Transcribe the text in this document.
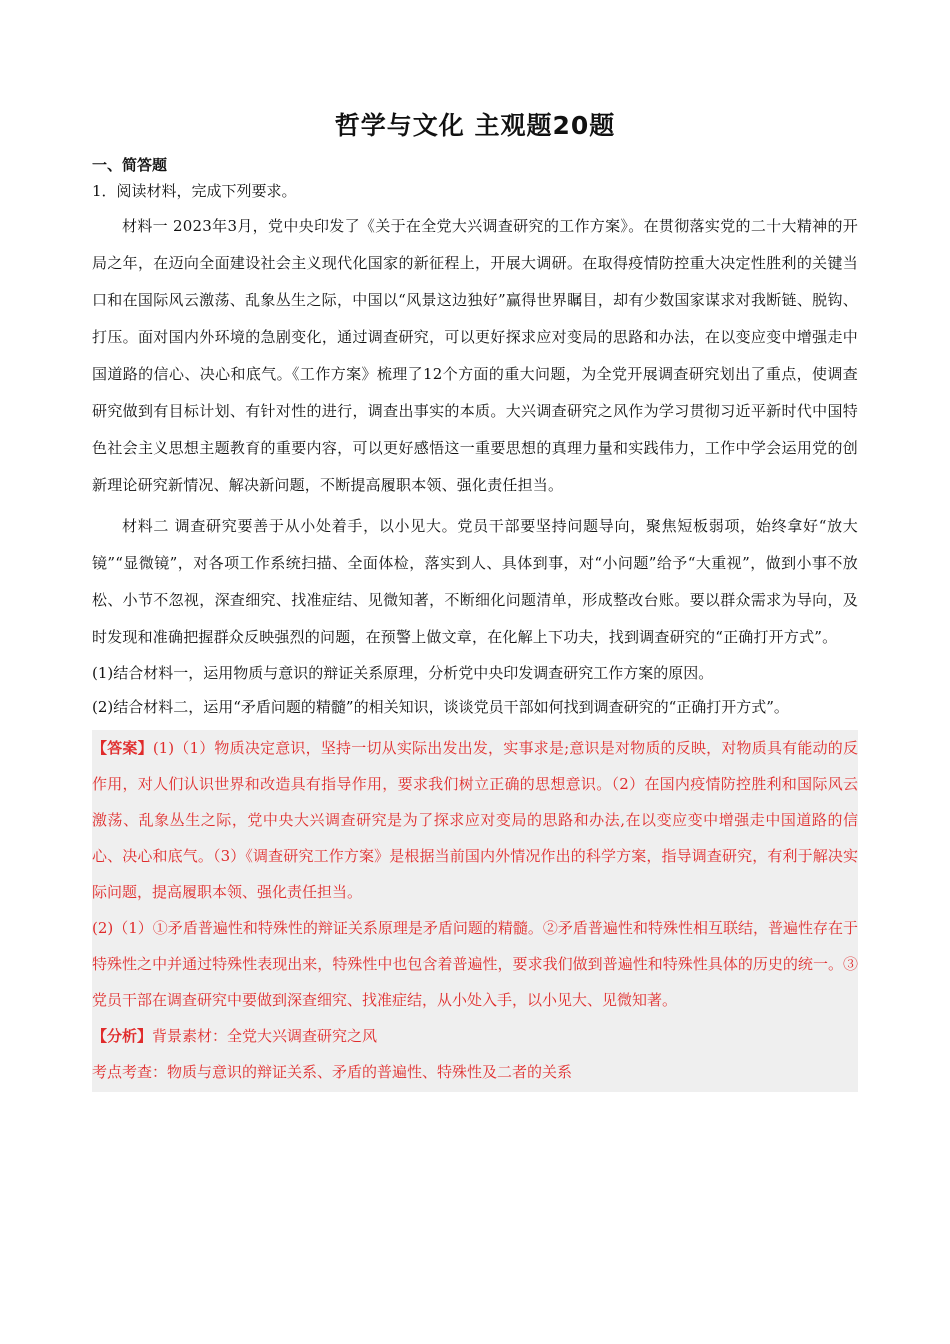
哲学与文化 主观题20题

一、简答题

1．阅读材料，完成下列要求。

材料一 2023年3月，党中央印发了《关于在全党大兴调查研究的工作方案》。在贯彻落实党的二十大精神的开局之年，在迈向全面建设社会主义现代化国家的新征程上，开展大调研。在取得疫情防控重大决定性胜利的关键当口和在国际风云激荡、乱象丛生之际，中国以“风景这边独好”赢得世界瞩目，却有少数国家谋求对我断链、脱钩、打压。面对国内外环境的急剧变化，通过调查研究，可以更好探求应对变局的思路和办法，在以变应变中增强走中国道路的信心、决心和底气。《工作方案》梳理了12个方面的重大问题，为全党开展调查研究划出了重点，使调查研究做到有目标计划、有针对性的进行，调查出事实的本质。大兴调查研究之风作为学习贯彻习近平新时代中国特色社会主义思想主题教育的重要内容，可以更好感悟这一重要思想的真理力量和实践伟力，工作中学会运用党的创新理论研究新情况、解决新问题，不断提高履职本领、强化责任担当。

材料二 调查研究要善于从小处着手，以小见大。党员干部要坚持问题导向，聚焦短板弱项，始终拿好“放大镜”“显微镜”，对各项工作系统扫描、全面体检，落实到人、具体到事，对“小问题”给予“大重视”，做到小事不放松、小节不忽视，深查细究、找准症结、见微知著，不断细化问题清单，形成整改台账。要以群众需求为导向，及时发现和准确把握群众反映强烈的问题，在预警上做文章，在化解上下功夫，找到调查研究的“正确打开方式”。

(1)结合材料一，运用物质与意识的辩证关系原理，分析党中央印发调查研究工作方案的原因。

(2)结合材料二，运用“矛盾问题的精髓”的相关知识，谈谈党员干部如何找到调查研究的“正确打开方式”。

【答案】(1)（1）物质决定意识，坚持一切从实际出发出发，实事求是;意识是对物质的反映，对物质具有能动的反作用，对人们认识世界和改造具有指导作用，要求我们树立正确的思想意识。（2）在国内疫情防控胜利和国际风云激荡、乱象丛生之际，党中央大兴调查研究是为了探求应对变局的思路和办法,在以变应变中增强走中国道路的信心、决心和底气。（3）《调查研究工作方案》是根据当前国内外情况作出的科学方案，指导调查研究，有利于解决实际问题，提高履职本领、强化责任担当。

(2)（1）①矛盾普遍性和特殊性的辩证关系原理是矛盾问题的精髓。②矛盾普遍性和特殊性相互联结，普遍性存在于特殊性之中并通过特殊性表现出来，特殊性中也包含着普遍性，要求我们做到普遍性和特殊性具体的历史的统一。③党员干部在调查研究中要做到深查细究、找准症结，从小处入手，以小见大、见微知著。

【分析】背景素材：全党大兴调查研究之风

考点考查：物质与意识的辩证关系、矛盾的普遍性、特殊性及二者的关系
